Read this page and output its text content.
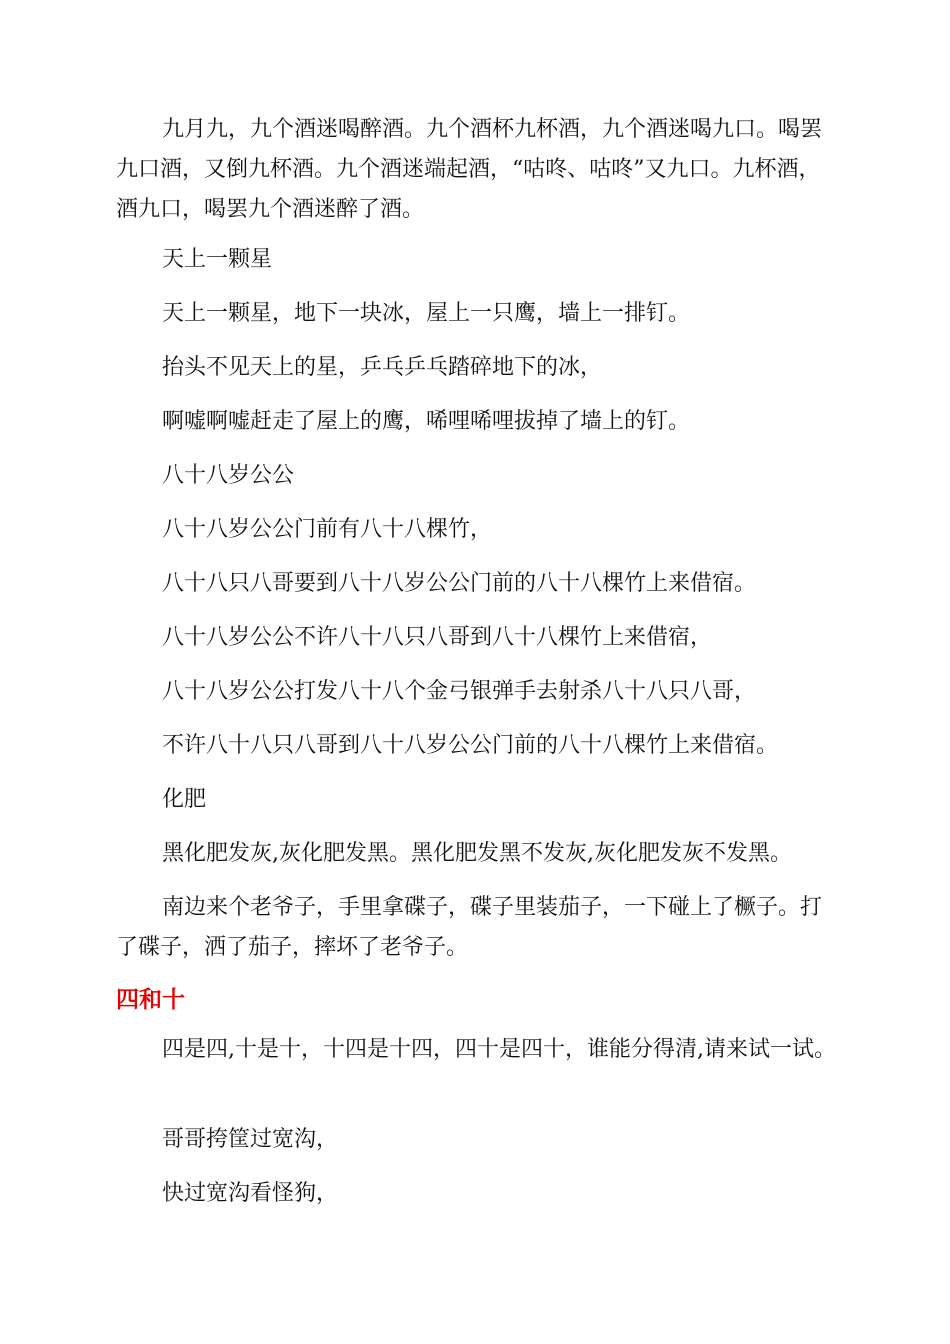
九月九，九个酒迷喝醉酒。九个酒杯九杯酒，九个酒迷喝九口。喝罢九口酒，又倒九杯酒。九个酒迷端起酒，“咕咚、咕咚”又九口。九杯酒，酒九口，喝罢九个酒迷醉了酒。

天上一颗星

天上一颗星，地下一块冰，屋上一只鹰，墙上一排钉。

抬头不见天上的星，乒乓乒乓踏碎地下的冰，

啊嘘啊嘘赶走了屋上的鹰，唏哩唏哩拔掉了墙上的钉。

八十八岁公公

八十八岁公公门前有八十八棵竹，

八十八只八哥要到八十八岁公公门前的八十八棵竹上来借宿。

八十八岁公公不许八十八只八哥到八十八棵竹上来借宿，

八十八岁公公打发八十八个金弓银弹手去射杀八十八只八哥，

不许八十八只八哥到八十八岁公公门前的八十八棵竹上来借宿。

化肥

黑化肥发灰,灰化肥发黑。黑化肥发黑不发灰,灰化肥发灰不发黑。

南边来个老爷子，手里拿碟子，碟子里装茄子，一下碰上了橛子。打了碟子，洒了茄子，摔坏了老爷子。

四和十

四是四,十是十，十四是十四，四十是四十，谁能分得清,请来试一试。

哥哥挎筐过宽沟，

快过宽沟看怪狗，
